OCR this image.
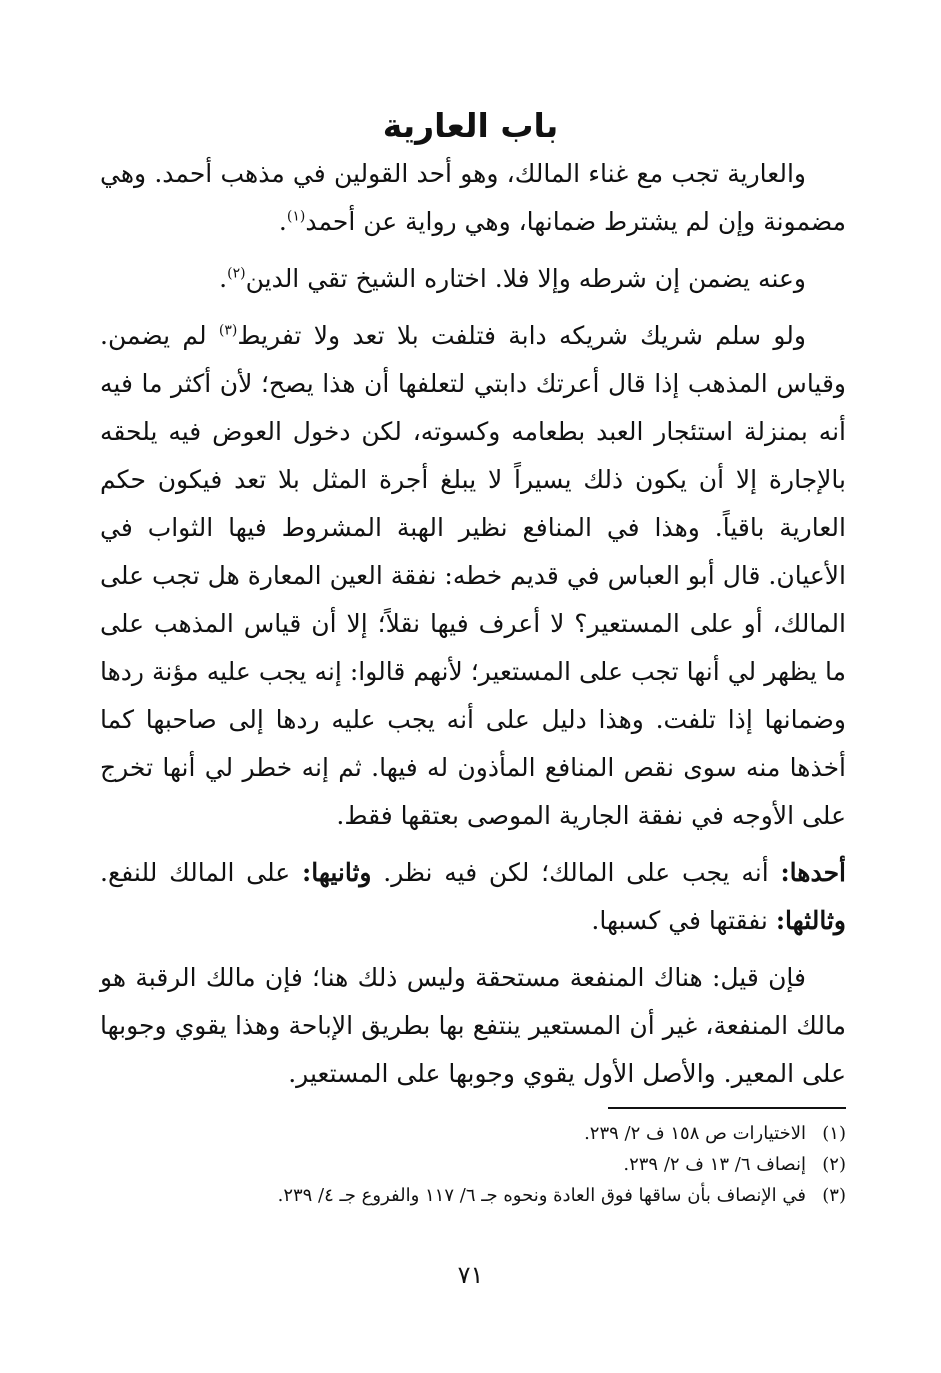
باب العارية

والعارية تجب مع غناء المالك، وهو أحد القولين في مذهب أحمد. وهي مضمونة وإن لم يشترط ضمانها، وهي رواية عن أحمد$^{(١)}$.

وعنه يضمن إن شرطه وإلا فلا. اختاره الشيخ تقي الدين$^{(٢)}$.

ولو سلم شريك شريكه دابة فتلفت بلا تعد ولا تفريط$^{(٣)}$ لم يضمن. وقياس المذهب إذا قال أعرتك دابتي لتعلفها أن هذا يصح؛ لأن أكثر ما فيه أنه بمنزلة استئجار العبد بطعامه وكسوته، لكن دخول العوض فيه يلحقه بالإجارة إلا أن يكون ذلك يسيراً لا يبلغ أجرة المثل بلا تعد فيكون حكم العارية باقياً. وهذا في المنافع نظير الهبة المشروط فيها الثواب في الأعيان. قال أبو العباس في قديم خطه: نفقة العين المعارة هل تجب على المالك، أو على المستعير؟ لا أعرف فيها نقلاً؛ إلا أن قياس المذهب على ما يظهر لي أنها تجب على المستعير؛ لأنهم قالوا: إنه يجب عليه مؤنة ردها وضمانها إذا تلفت. وهذا دليل على أنه يجب عليه ردها إلى صاحبها كما أخذها منه سوى نقص المنافع المأذون له فيها. ثم إنه خطر لي أنها تخرج على الأوجه في نفقة الجارية الموصى بعتقها فقط.

أحدها: أنه يجب على المالك؛ لكن فيه نظر. وثانيها: على المالك للنفع. وثالثها: نفقتها في كسبها.

فإن قيل: هناك المنفعة مستحقة وليس ذلك هنا؛ فإن مالك الرقبة هو مالك المنفعة، غير أن المستعير ينتفع بها بطريق الإباحة وهذا يقوي وجوبها على المعير. والأصل الأول يقوي وجوبها على المستعير.

(١)الاختيارات ص ١٥٨ ف ٢/ ٢٣٩.
(٢)إنصاف ٦/ ١٣ ف ٢/ ٢٣٩.
(٣)في الإنصاف بأن ساقها فوق العادة ونحوه جـ ٦/ ١١٧ والفروع جـ ٤/ ٢٣٩.
٧١
